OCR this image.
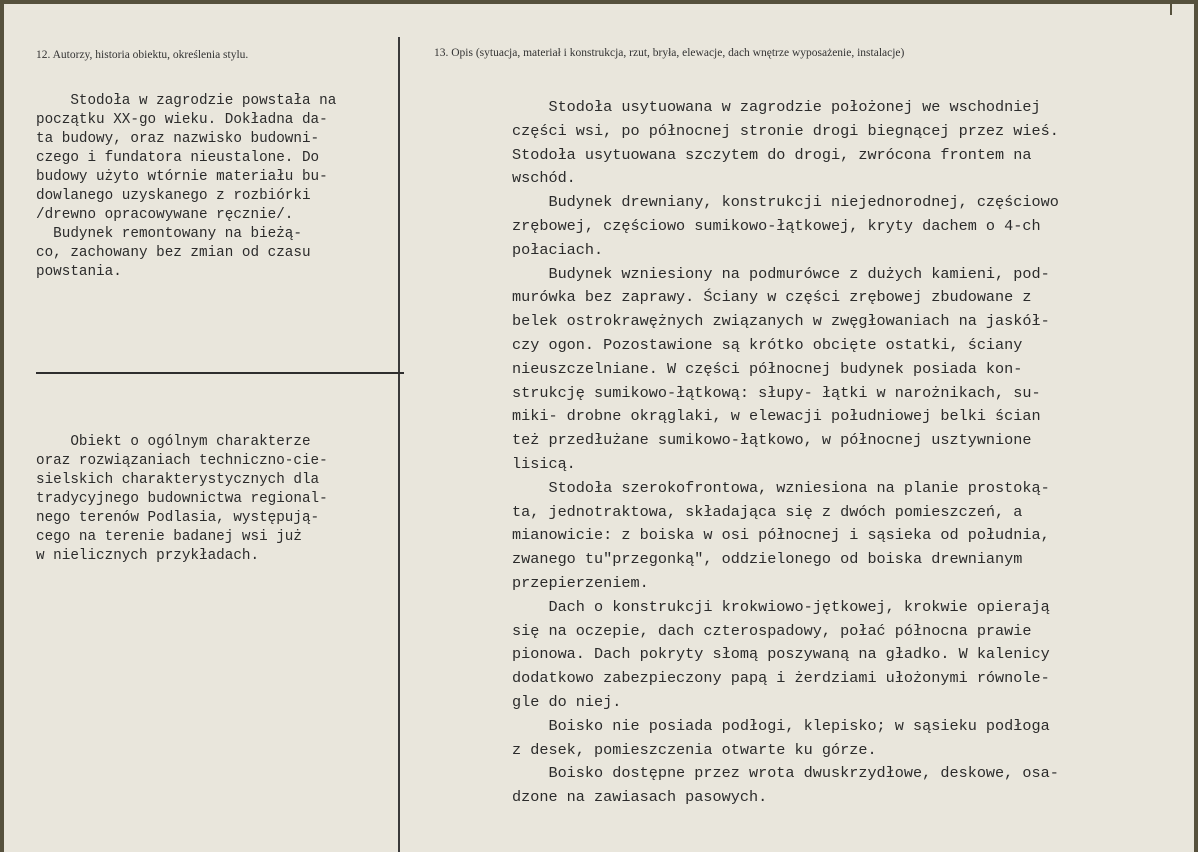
12. Autorzy, historia obiektu, określenia stylu.	13. Opis (sytuacja, materiał i konstrukcja, rzut, bryła, elewacje, dach wnętrze wyposażenie, instalacje)
Stodoła w zagrodzie powstała na
początku XX-go wieku. Dokładna da-
ta budowy, oraz nazwisko budowni-
czego i fundatora nieustalone. Do
budowy użyto wtórnie materiału bu-
dowlanego uzyskanego z rozbiórki
/drewno opracowywane ręcznie/.
Budynek remontowany na bieżą-
co, zachowany bez zmian od czasu
powstania.
Obiekt o ogólnym charakterze
oraz rozwiązaniach techniczno-cie-
sielskich charakterystycznych dla
tradycyjnego budownictwa regional-
nego terenów Podlasia, występują-
cego na terenie badanej wsi już
w nielicznych przykładach.
Stodoła usytuowana w zagrodzie położonej we wschodniej
części wsi, po północnej stronie drogi biegnącej przez wieś.
Stodoła usytuowana szczytem do drogi, zwrócona frontem na
wschód.
Budynek drewniany, konstrukcji niejednorodnej, częściowo
zrębowej, częściowo sumikowo-łątkowej, kryty dachem o 4-ch
połaciach.
Budynek wzniesiony na podmurówce z dużych kamieni, pod-
murówka bez zaprawy. Ściany w części zrębowej zbudowane z
belek ostrokrawężnych związanych w zwęgłowaniach na jaskół-
czy ogon. Pozostawione są krótko obcięte ostatki, ściany
nieuszczelniane. W części północnej budynek posiada kon-
strukcję sumikowo-łątkową: słupy- łątki w narożnikach, su-
miki- drobne okrąglaki, w elewacji południowej belki ścian
też przedłużane sumikowo-łątkowo, w północnej usztywnione
lisicą.
Stodoła szerokofrontowa, wzniesiona na planie prostoką-
ta, jednotraktowa, składająca się z dwóch pomieszczeń, a
mianowicie: z boiska w osi północnej i sąsieka od południa,
zwanego tu"przegonką", oddzielonego od boiska drewnianym
przepierzeniem.
Dach o konstrukcji krokwiowo-jętkowej, krokwie opierają
się na oczepie, dach czterospadowy, połać północna prawie
pionowa. Dach pokryty słomą poszywaną na gładko. W kalenicy
dodatkowo zabezpieczony papą i żerdziami ułożonymi równole-
gle do niej.
Boisko nie posiada podłogi, klepisko; w sąsieku podłoga
z desek, pomieszczenia otwarte ku górze.
Boisko dostępne przez wrota dwuskrzydłowe, deskowe, osa-
dzone na zawiasach pasowych.
